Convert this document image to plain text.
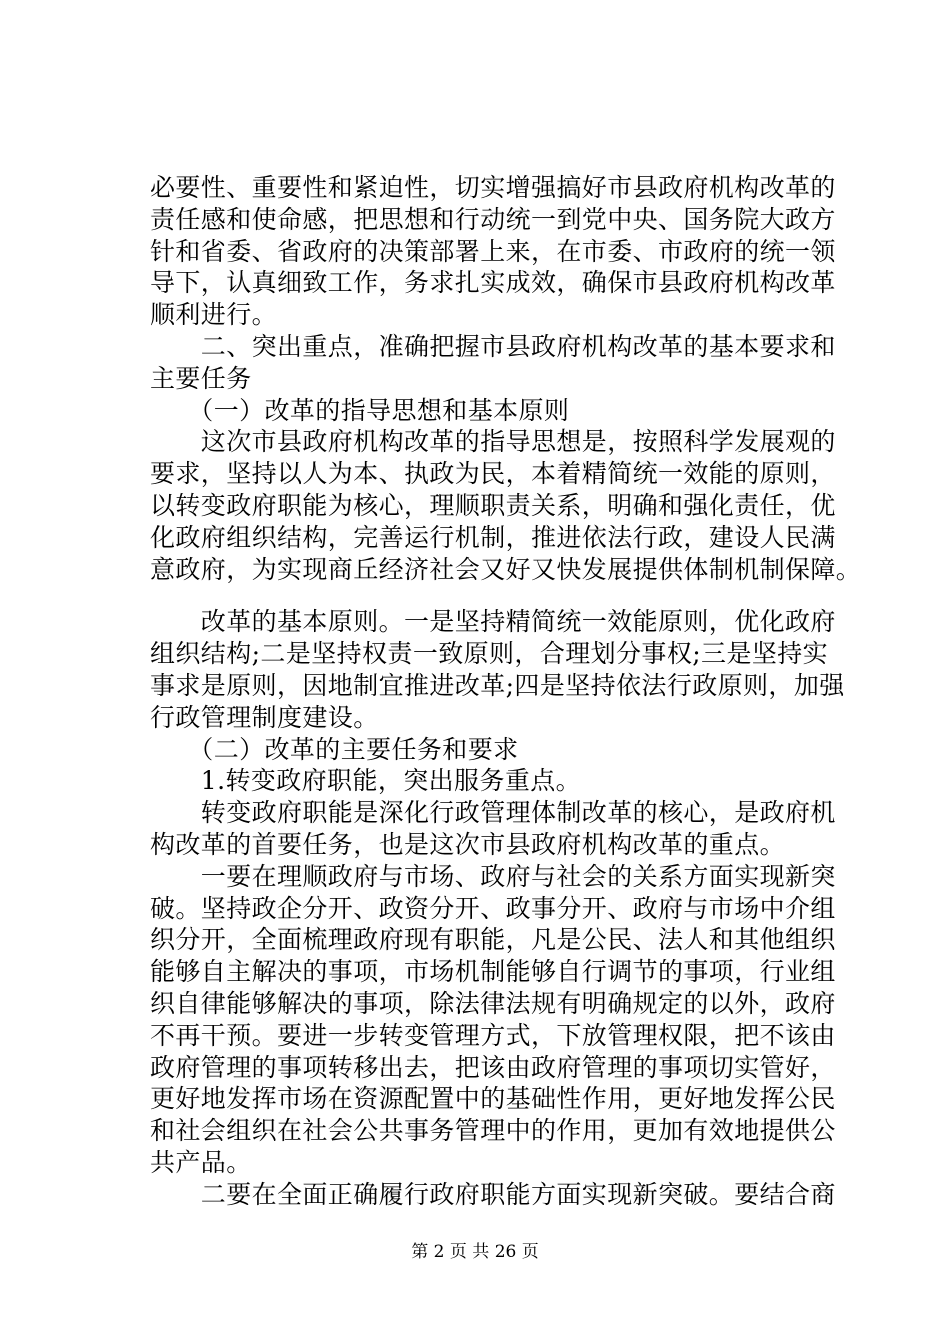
必要性、重要性和紧迫性，切实增强搞好市县政府机构改革的
责任感和使命感，把思想和行动统一到党中央、国务院大政方
针和省委、省政府的决策部署上来，在市委、市政府的统一领
导下，认真细致工作，务求扎实成效，确保市县政府机构改革
顺利进行。
　　二、突出重点，准确把握市县政府机构改革的基本要求和
主要任务
　　（一）改革的指导思想和基本原则
　　这次市县政府机构改革的指导思想是，按照科学发展观的
要求，坚持以人为本、执政为民，本着精简统一效能的原则，
以转变政府职能为核心，理顺职责关系，明确和强化责任，优
化政府组织结构，完善运行机制，推进依法行政，建设人民满
意政府，为实现商丘经济社会又好又快发展提供体制机制保障。
　　改革的基本原则。一是坚持精简统一效能原则，优化政府
组织结构;二是坚持权责一致原则，合理划分事权;三是坚持实
事求是原则，因地制宜推进改革;四是坚持依法行政原则，加强
行政管理制度建设。
　　（二）改革的主要任务和要求
　　1.转变政府职能，突出服务重点。
　　转变政府职能是深化行政管理体制改革的核心，是政府机
构改革的首要任务，也是这次市县政府机构改革的重点。
　　一要在理顺政府与市场、政府与社会的关系方面实现新突
破。坚持政企分开、政资分开、政事分开、政府与市场中介组
织分开，全面梳理政府现有职能，凡是公民、法人和其他组织
能够自主解决的事项，市场机制能够自行调节的事项，行业组
织自律能够解决的事项，除法律法规有明确规定的以外，政府
不再干预。要进一步转变管理方式，下放管理权限，把不该由
政府管理的事项转移出去，把该由政府管理的事项切实管好，
更好地发挥市场在资源配置中的基础性作用，更好地发挥公民
和社会组织在社会公共事务管理中的作用，更加有效地提供公
共产品。
　　二要在全面正确履行政府职能方面实现新突破。要结合商
第 2 页 共 26 页
